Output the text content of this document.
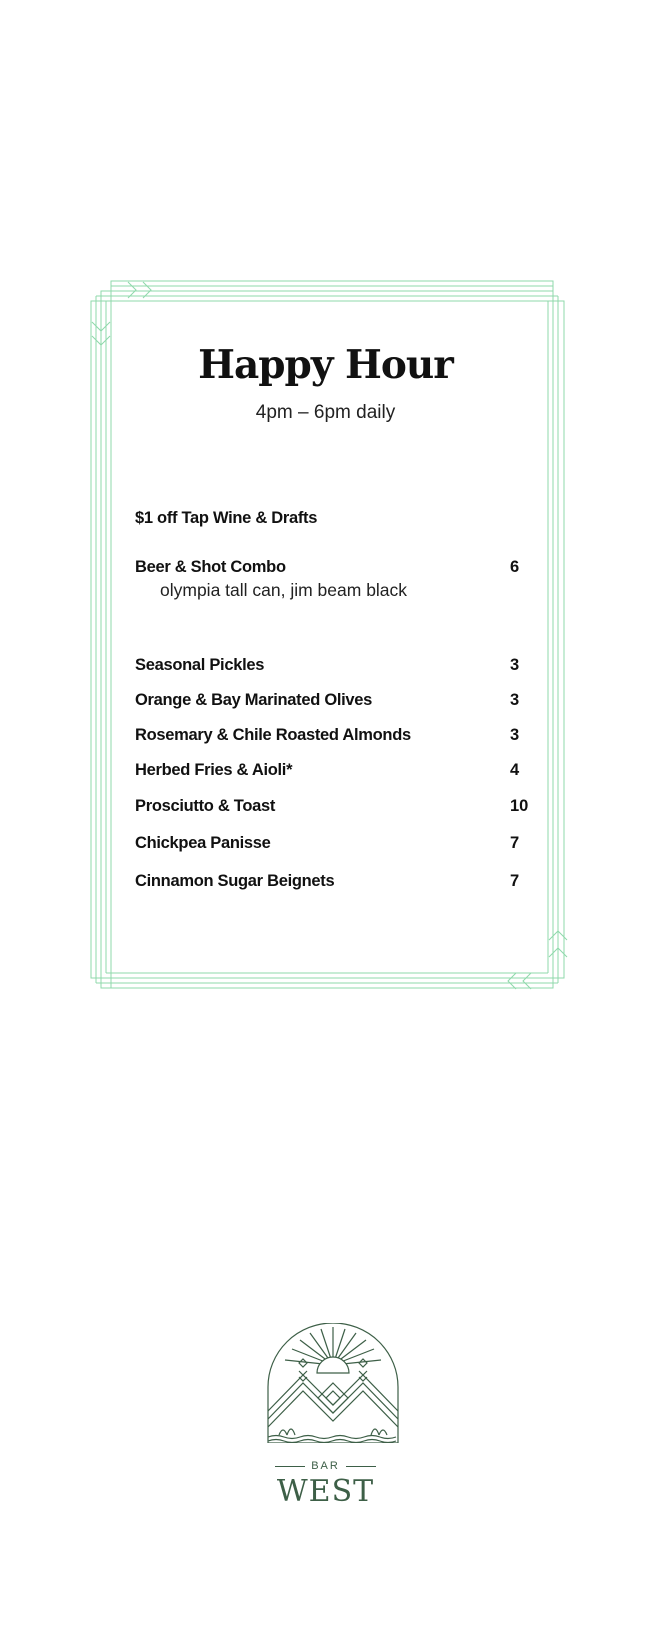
Happy Hour
4pm – 6pm daily
$1 off Tap Wine & Drafts
Beer & Shot Combo	6
olympia tall can, jim beam black
Seasonal Pickles	3
Orange & Bay Marinated Olives	3
Rosemary & Chile Roasted Almonds	3
Herbed Fries & Aioli*	4
Prosciutto & Toast	10
Chickpea Panisse	7
Cinnamon Sugar Beignets	7
BAR
WEST
